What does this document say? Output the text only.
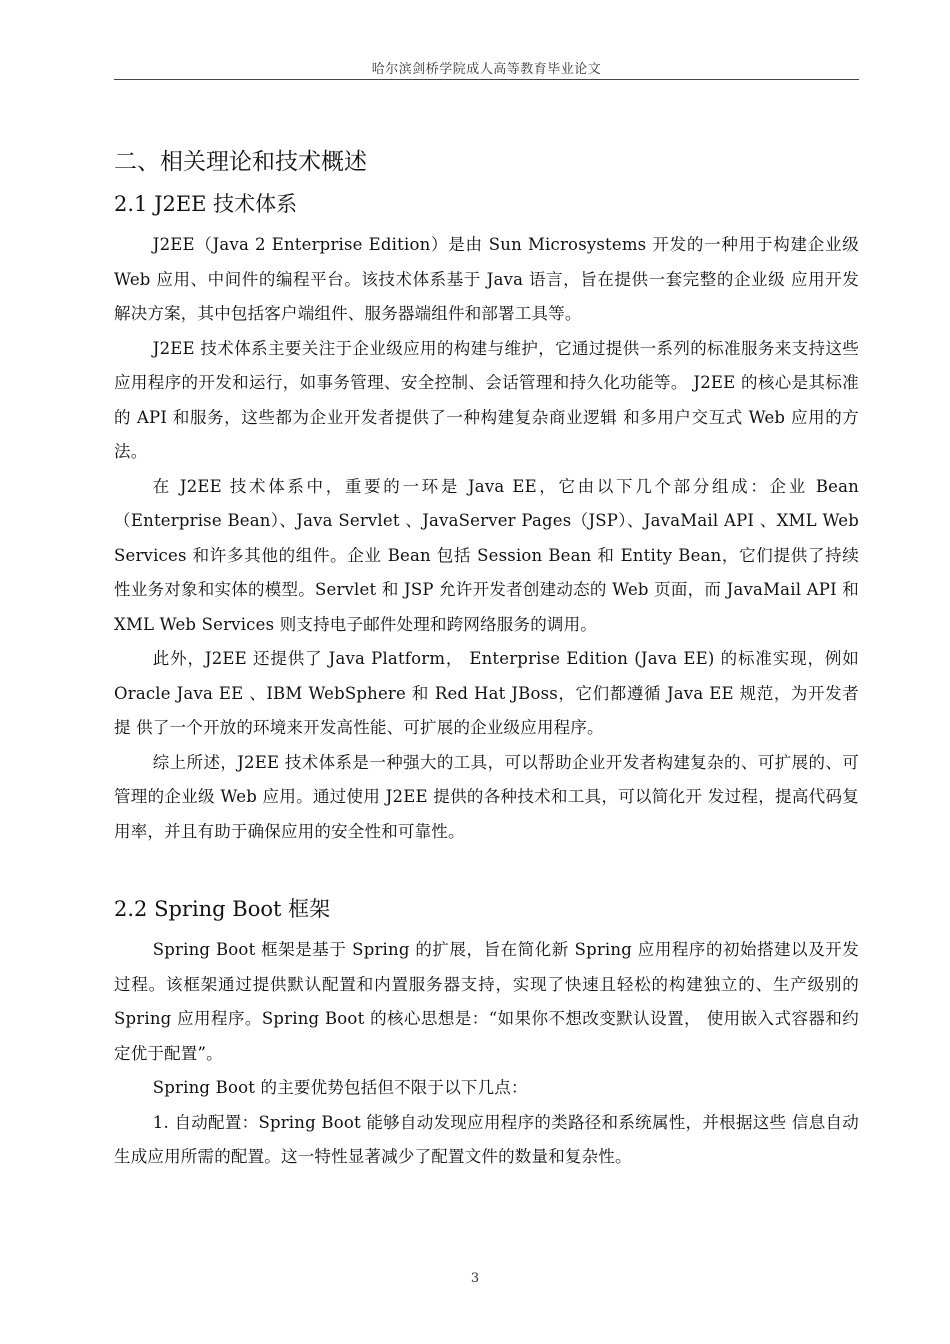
哈尔滨剑桥学院成人高等教育毕业论文
二、相关理论和技术概述
2.1 J2EE 技术体系

J2EE（Java 2 Enterprise Edition）是由 Sun Microsystems 开发的一种用于构建企业级 Web 应用、中间件的编程平台。该技术体系基于 Java 语言，旨在提供一套完整的企业级 应用开发解决方案，其中包括客户端组件、服务器端组件和部署工具等。

J2EE 技术体系主要关注于企业级应用的构建与维护，它通过提供一系列的标准服务来支持这些应用程序的开发和运行，如事务管理、安全控制、会话管理和持久化功能等。 J2EE 的核心是其标准的 API 和服务，这些都为企业开发者提供了一种构建复杂商业逻辑 和多用户交互式 Web 应用的方法。

在 J2EE 技术体系中，重要的一环是 Java EE，它由以下几个部分组成：企业 Bean（Enterprise Bean）、Java Servlet 、JavaServer Pages（JSP）、JavaMail API 、XML Web Services 和许多其他的组件。企业 Bean 包括 Session Bean 和 Entity Bean，它们提供了持续 性业务对象和实体的模型。Servlet 和 JSP 允许开发者创建动态的 Web 页面，而 JavaMail API 和 XML Web Services 则支持电子邮件处理和跨网络服务的调用。

此外，J2EE 还提供了 Java Platform， Enterprise Edition (Java EE) 的标准实现，例如 Oracle Java EE 、IBM WebSphere 和 Red Hat JBoss，它们都遵循 Java EE 规范，为开发者提 供了一个开放的环境来开发高性能、可扩展的企业级应用程序。

综上所述，J2EE 技术体系是一种强大的工具，可以帮助企业开发者构建复杂的、可扩展的、可管理的企业级 Web 应用。通过使用 J2EE 提供的各种技术和工具，可以简化开 发过程，提高代码复用率，并且有助于确保应用的安全性和可靠性。

2.2 Spring Boot 框架

Spring Boot 框架是基于 Spring 的扩展，旨在简化新 Spring 应用程序的初始搭建以及开发过程。该框架通过提供默认配置和内置服务器支持，实现了快速且轻松的构建独立的、生产级别的 Spring 应用程序。Spring Boot 的核心思想是：“如果你不想改变默认设置， 使用嵌入式容器和约定优于配置”。

Spring Boot 的主要优势包括但不限于以下几点：

1. 自动配置：Spring Boot 能够自动发现应用程序的类路径和系统属性，并根据这些 信息自动生成应用所需的配置。这一特性显著减少了配置文件的数量和复杂性。

3
